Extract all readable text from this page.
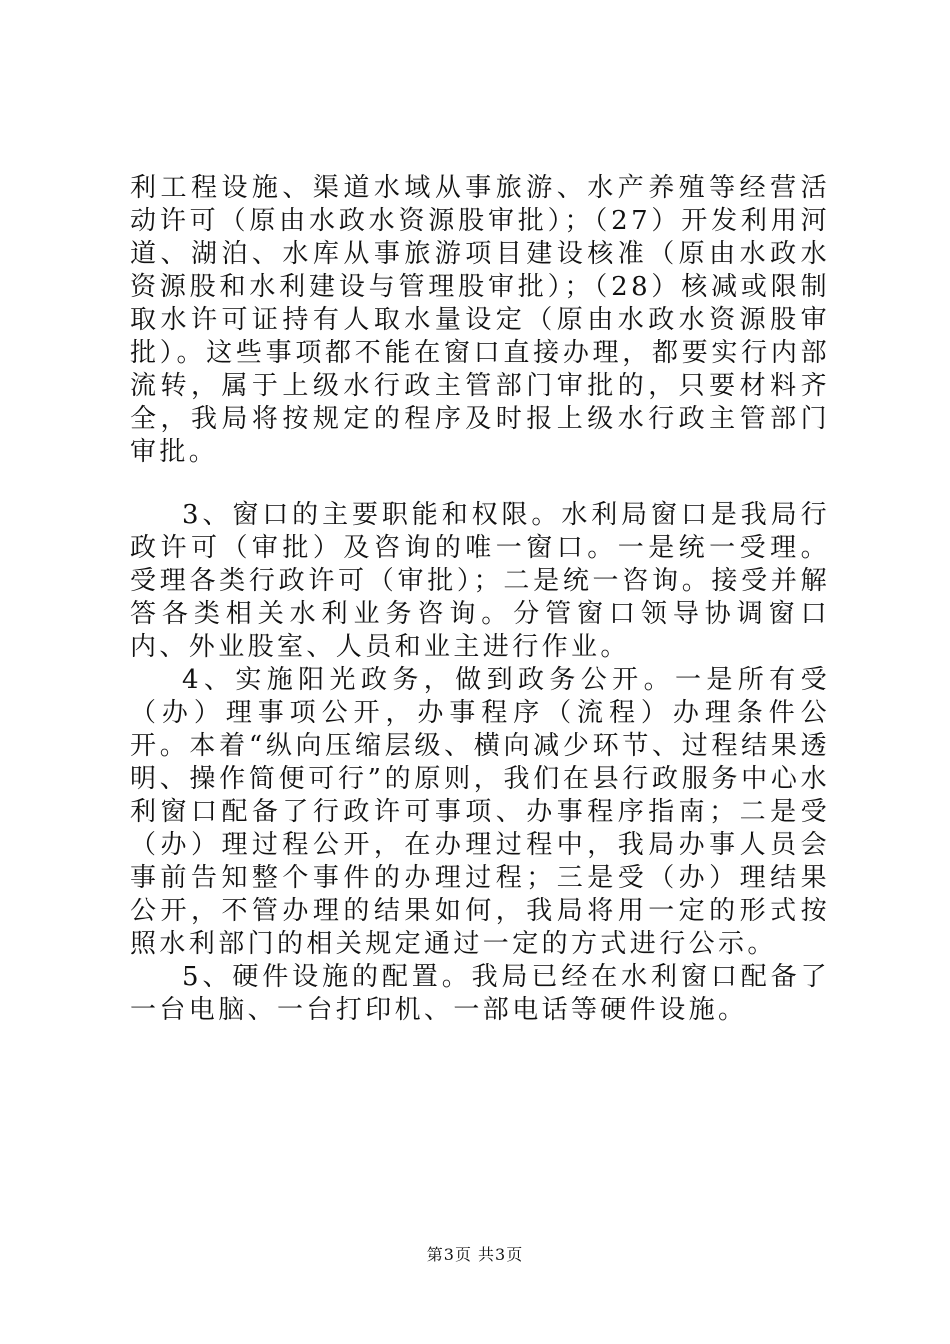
利工程设施、渠道水域从事旅游、水产养殖等经营活动许可（原由水政水资源股审批）；（27）开发利用河道、湖泊、水库从事旅游项目建设核准（原由水政水资源股和水利建设与管理股审批）；（28）核减或限制取水许可证持有人取水量设定（原由水政水资源股审批）。这些事项都不能在窗口直接办理，都要实行内部流转，属于上级水行政主管部门审批的，只要材料齐全，我局将按规定的程序及时报上级水行政主管部门审批。

3、窗口的主要职能和权限。水利局窗口是我局行政许可（审批）及咨询的唯一窗口。一是统一受理。受理各类行政许可（审批）；二是统一咨询。接受并解答各类相关水利业务咨询。分管窗口领导协调窗口内、外业股室、人员和业主进行作业。

4、实施阳光政务，做到政务公开。一是所有受（办）理事项公开，办事程序（流程）办理条件公开。本着“纵向压缩层级、横向减少环节、过程结果透明、操作简便可行”的原则，我们在县行政服务中心水利窗口配备了行政许可事项、办事程序指南；二是受（办）理过程公开，在办理过程中，我局办事人员会事前告知整个事件的办理过程；三是受（办）理结果公开，不管办理的结果如何，我局将用一定的形式按照水利部门的相关规定通过一定的方式进行公示。

5、硬件设施的配置。我局已经在水利窗口配备了一台电脑、一台打印机、一部电话等硬件设施。

第3页 共3页
